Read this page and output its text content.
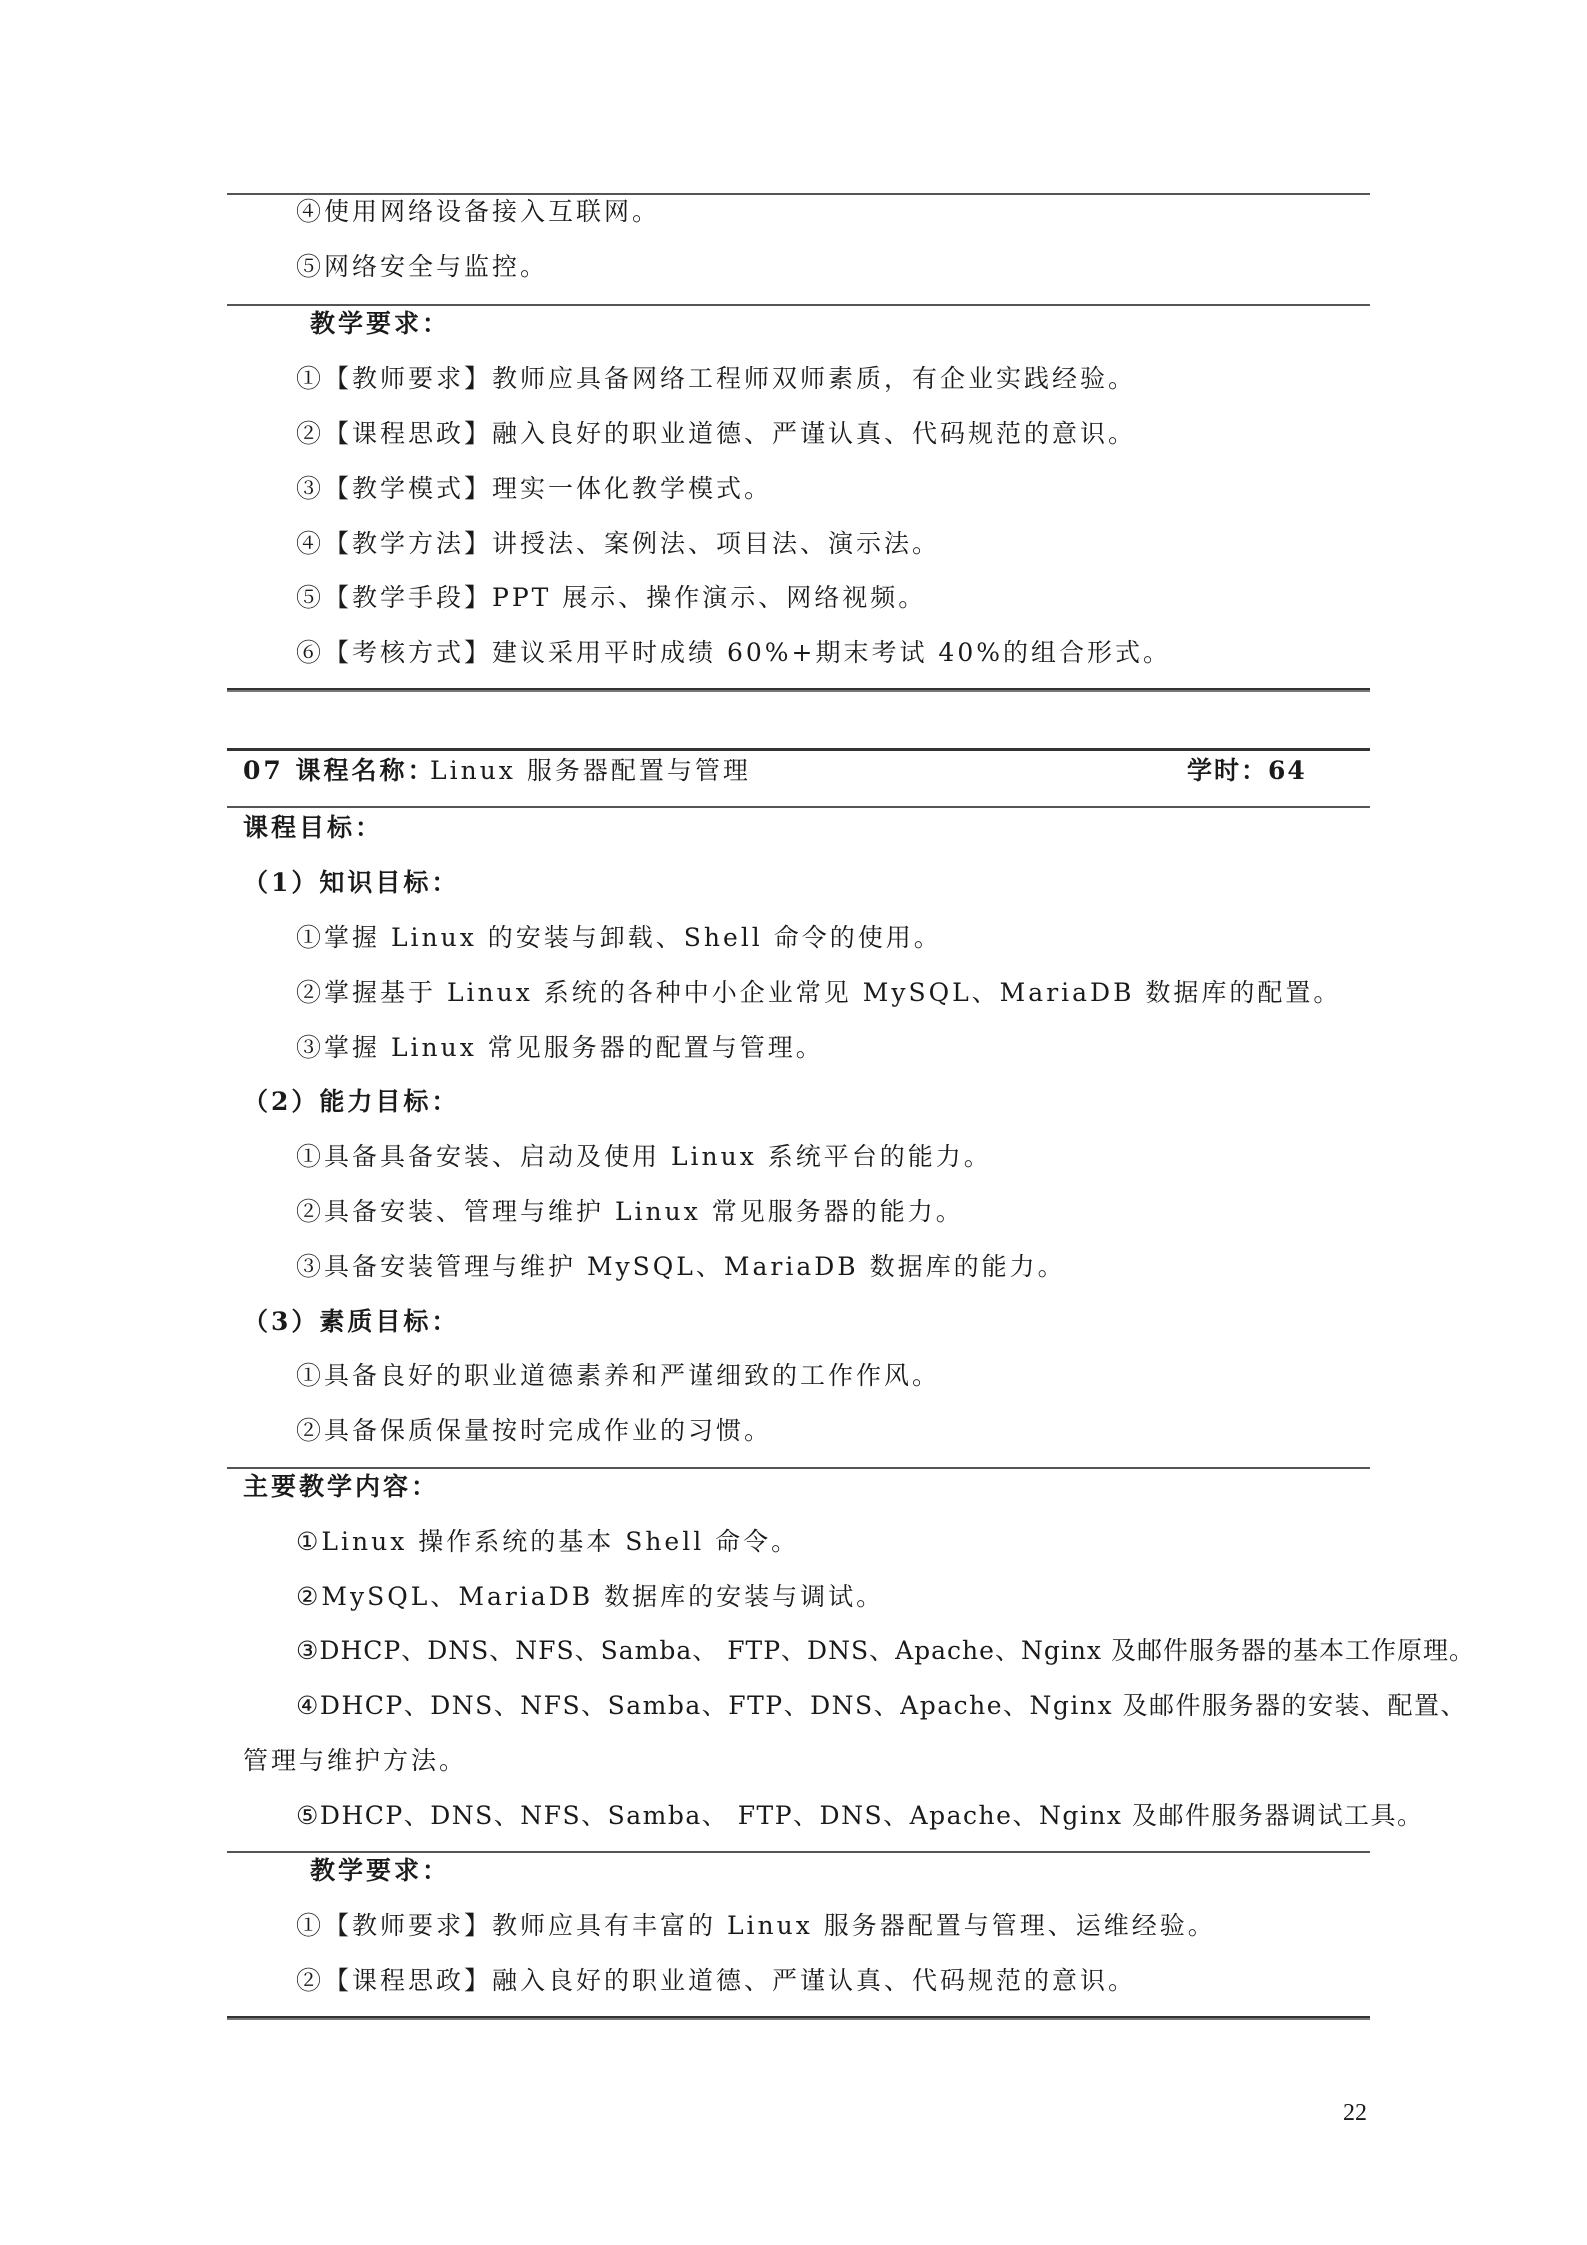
④使用网络设备接入互联网。
⑤网络安全与监控。
教学要求：
①【教师要求】教师应具备网络工程师双师素质，有企业实践经验。
②【课程思政】融入良好的职业道德、严谨认真、代码规范的意识。
③【教学模式】理实一体化教学模式。
④【教学方法】讲授法、案例法、项目法、演示法。
⑤【教学手段】PPT 展示、操作演示、网络视频。
⑥【考核方式】建议采用平时成绩 60%+期末考试 40%的组合形式。
07 课程名称：
Linux 服务器配置与管理	学时：64
课程目标：
（1）知识目标：
①掌握 Linux 的安装与卸载、Shell 命令的使用。
②掌握基于 Linux 系统的各种中小企业常见 MySQL、MariaDB 数据库的配置。
③掌握 Linux 常见服务器的配置与管理。
（2）能力目标：
①具备具备安装、启动及使用 Linux 系统平台的能力。
②具备安装、管理与维护 Linux 常见服务器的能力。
③具备安装管理与维护 MySQL、MariaDB 数据库的能力。
（3）素质目标：
①具备良好的职业道德素养和严谨细致的工作作风。
②具备保质保量按时完成作业的习惯。
主要教学内容：
①Linux 操作系统的基本 Shell 命令。
②MySQL、MariaDB 数据库的安装与调试。
③DHCP、DNS、NFS、Samba、 FTP、DNS、Apache、Nginx 及邮件服务器的基本工作原理。
④DHCP、DNS、NFS、Samba、FTP、DNS、Apache、Nginx 及邮件服务器的安装、配置、
管理与维护方法。
⑤DHCP、DNS、NFS、Samba、 FTP、DNS、Apache、Nginx 及邮件服务器调试工具。
教学要求：
①【教师要求】教师应具有丰富的 Linux 服务器配置与管理、运维经验。
②【课程思政】融入良好的职业道德、严谨认真、代码规范的意识。
22
